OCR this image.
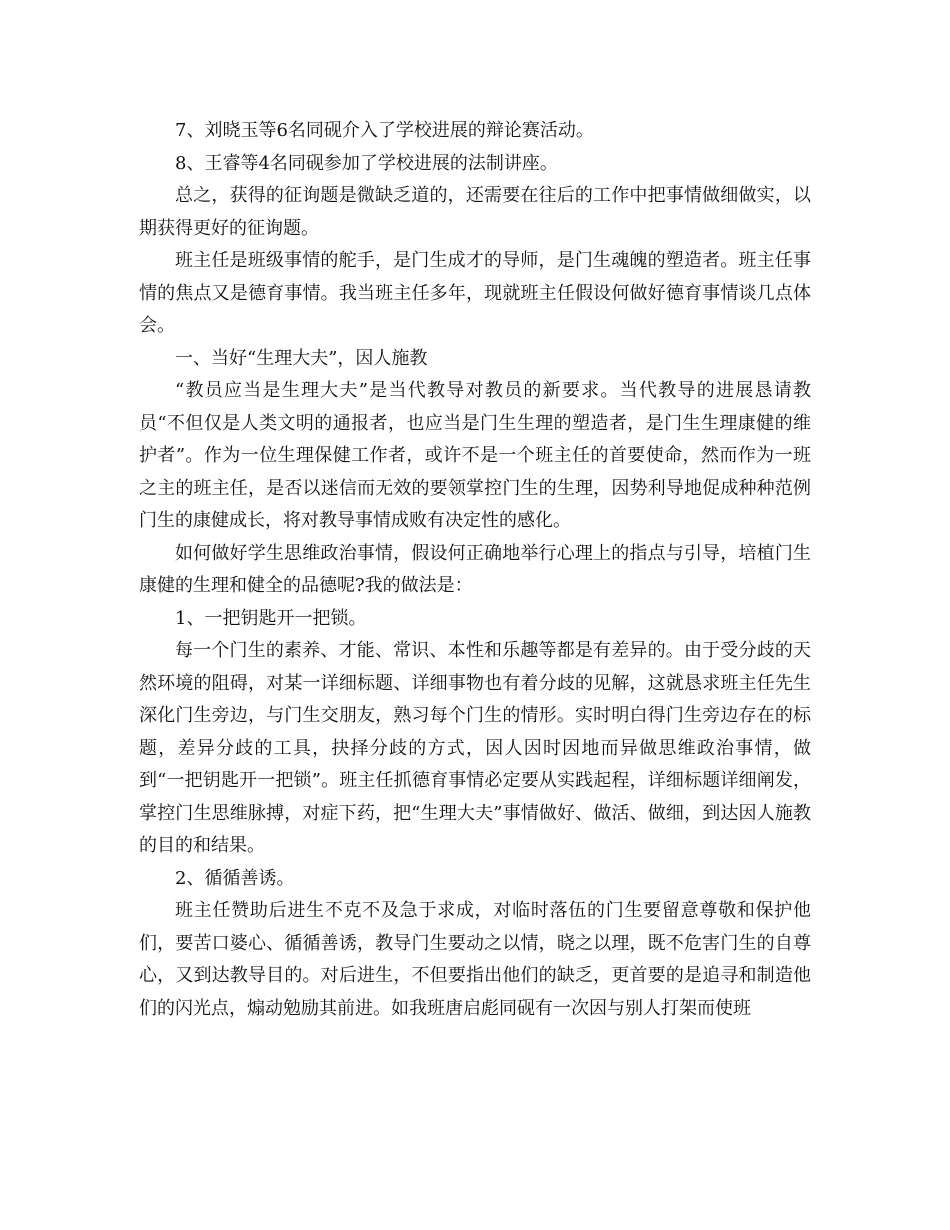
7、刘晓玉等6名同砚介入了学校进展的辩论赛活动。

8、王睿等4名同砚参加了学校进展的法制讲座。

总之，获得的征询题是微缺乏道的，还需要在往后的工作中把事情做细做实，以期获得更好的征询题。

班主任是班级事情的舵手，是门生成才的导师，是门生魂魄的塑造者。班主任事情的焦点又是德育事情。我当班主任多年，现就班主任假设何做好德育事情谈几点体会。

一、当好“生理大夫”，因人施教

“教员应当是生理大夫”是当代教导对教员的新要求。当代教导的进展恳请教员“不但仅是人类文明的通报者，也应当是门生生理的塑造者，是门生生理康健的维护者”。作为一位生理保健工作者，或许不是一个班主任的首要使命，然而作为一班之主的班主任，是否以迷信而无效的要领掌控门生的生理，因势利导地促成种种范例门生的康健成长，将对教导事情成败有决定性的感化。

如何做好学生思维政治事情，假设何正确地举行心理上的指点与引导，培植门生康健的生理和健全的品德呢?我的做法是：

1、一把钥匙开一把锁。

每一个门生的素养、才能、常识、本性和乐趣等都是有差异的。由于受分歧的天然环境的阻碍，对某一详细标题、详细事物也有着分歧的见解，这就恳求班主任先生深化门生旁边，与门生交朋友，熟习每个门生的情形。实时明白得门生旁边存在的标题，差异分歧的工具，抉择分歧的方式，因人因时因地而异做思维政治事情，做到“一把钥匙开一把锁”。班主任抓德育事情必定要从实践起程，详细标题详细阐发，掌控门生思维脉搏，对症下药，把“生理大夫”事情做好、做活、做细，到达因人施教的目的和结果。

2、循循善诱。

班主任赞助后进生不克不及急于求成，对临时落伍的门生要留意尊敬和保护他们，要苦口婆心、循循善诱，教导门生要动之以情，晓之以理，既不危害门生的自尊心，又到达教导目的。对后进生，不但要指出他们的缺乏，更首要的是追寻和制造他们的闪光点，煽动勉励其前进。如我班唐启彪同砚有一次因与别人打架而使班
